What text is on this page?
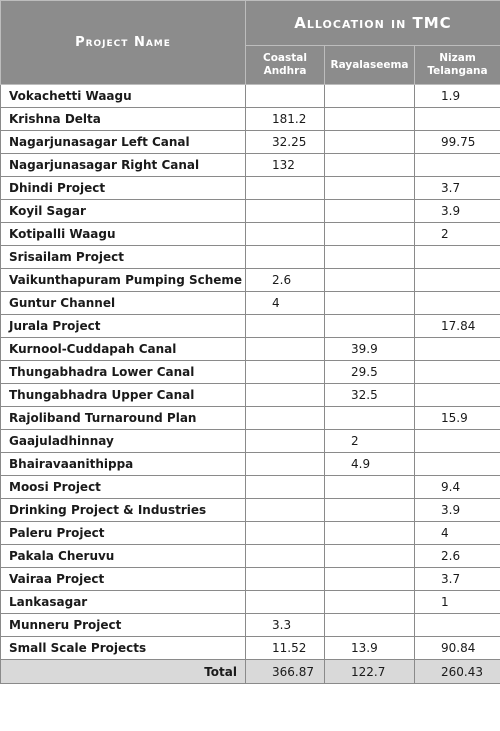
Project Name	Allocation in TMC		
	Coastal Andhra	Rayalaseema	Nizam Telangana
Vokachetti Waagu			1.9
Krishna Delta	181.2		
Nagarjunasagar Left Canal	32.25		99.75
Nagarjunasagar Right Canal	132		
Dhindi Project			3.7
Koyil Sagar			3.9
Kotipalli Waagu			2
Srisailam Project			
Vaikunthapuram Pumping Scheme	2.6		
Guntur Channel	4		
Jurala Project			17.84
Kurnool-Cuddapah Canal		39.9	
Thungabhadra Lower Canal		29.5	
Thungabhadra Upper Canal		32.5	
Rajoliband Turnaround Plan			15.9
Gaajuladhinnay		2	
Bhairavaanithippa		4.9	
Moosi Project			9.4
Drinking Project & Industries			3.9
Paleru Project			4
Pakala Cheruvu			2.6
Vairaa Project			3.7
Lankasagar			1
Munneru Project	3.3		
Small Scale Projects	11.52	13.9	90.84
Total	366.87	122.7	260.43
